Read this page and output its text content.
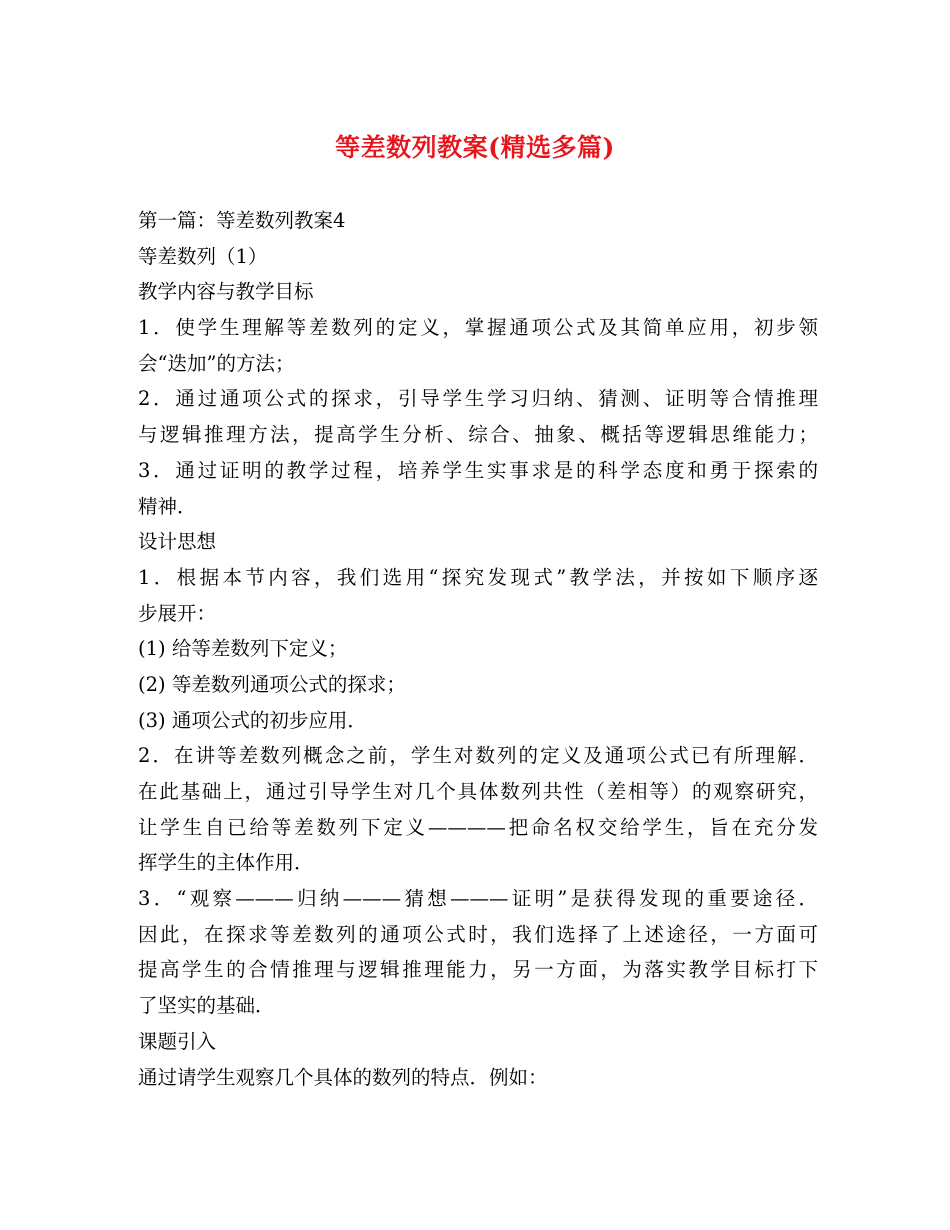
等差数列教案(精选多篇)
第一篇：等差数列教案4
等差数列（1）
教学内容与教学目标
1．使学生理解等差数列的定义，掌握通项公式及其简单应用，初步领
会“迭加”的方法；
2．通过通项公式的探求，引导学生学习归纳、猜测、证明等合情推理
与逻辑推理方法，提高学生分析、综合、抽象、概括等逻辑思维能力；
3．通过证明的教学过程，培养学生实事求是的科学态度和勇于探索的
精神．
设计思想
1．根据本节内容，我们选用“探究发现式”教学法，并按如下顺序逐
步展开：
(1) 给等差数列下定义；
(2) 等差数列通项公式的探求；
(3) 通项公式的初步应用．
2．在讲等差数列概念之前，学生对数列的定义及通项公式已有所理解．
在此基础上，通过引导学生对几个具体数列共性（差相等）的观察研究，
让学生自已给等差数列下定义————把命名权交给学生，旨在充分发
挥学生的主体作用．
3．“观察———归纳———猜想———证明”是获得发现的重要途径．
因此，在探求等差数列的通项公式时，我们选择了上述途径，一方面可
提高学生的合情推理与逻辑推理能力，另一方面，为落实教学目标打下
了坚实的基础．
课题引入
通过请学生观察几个具体的数列的特点．例如：
